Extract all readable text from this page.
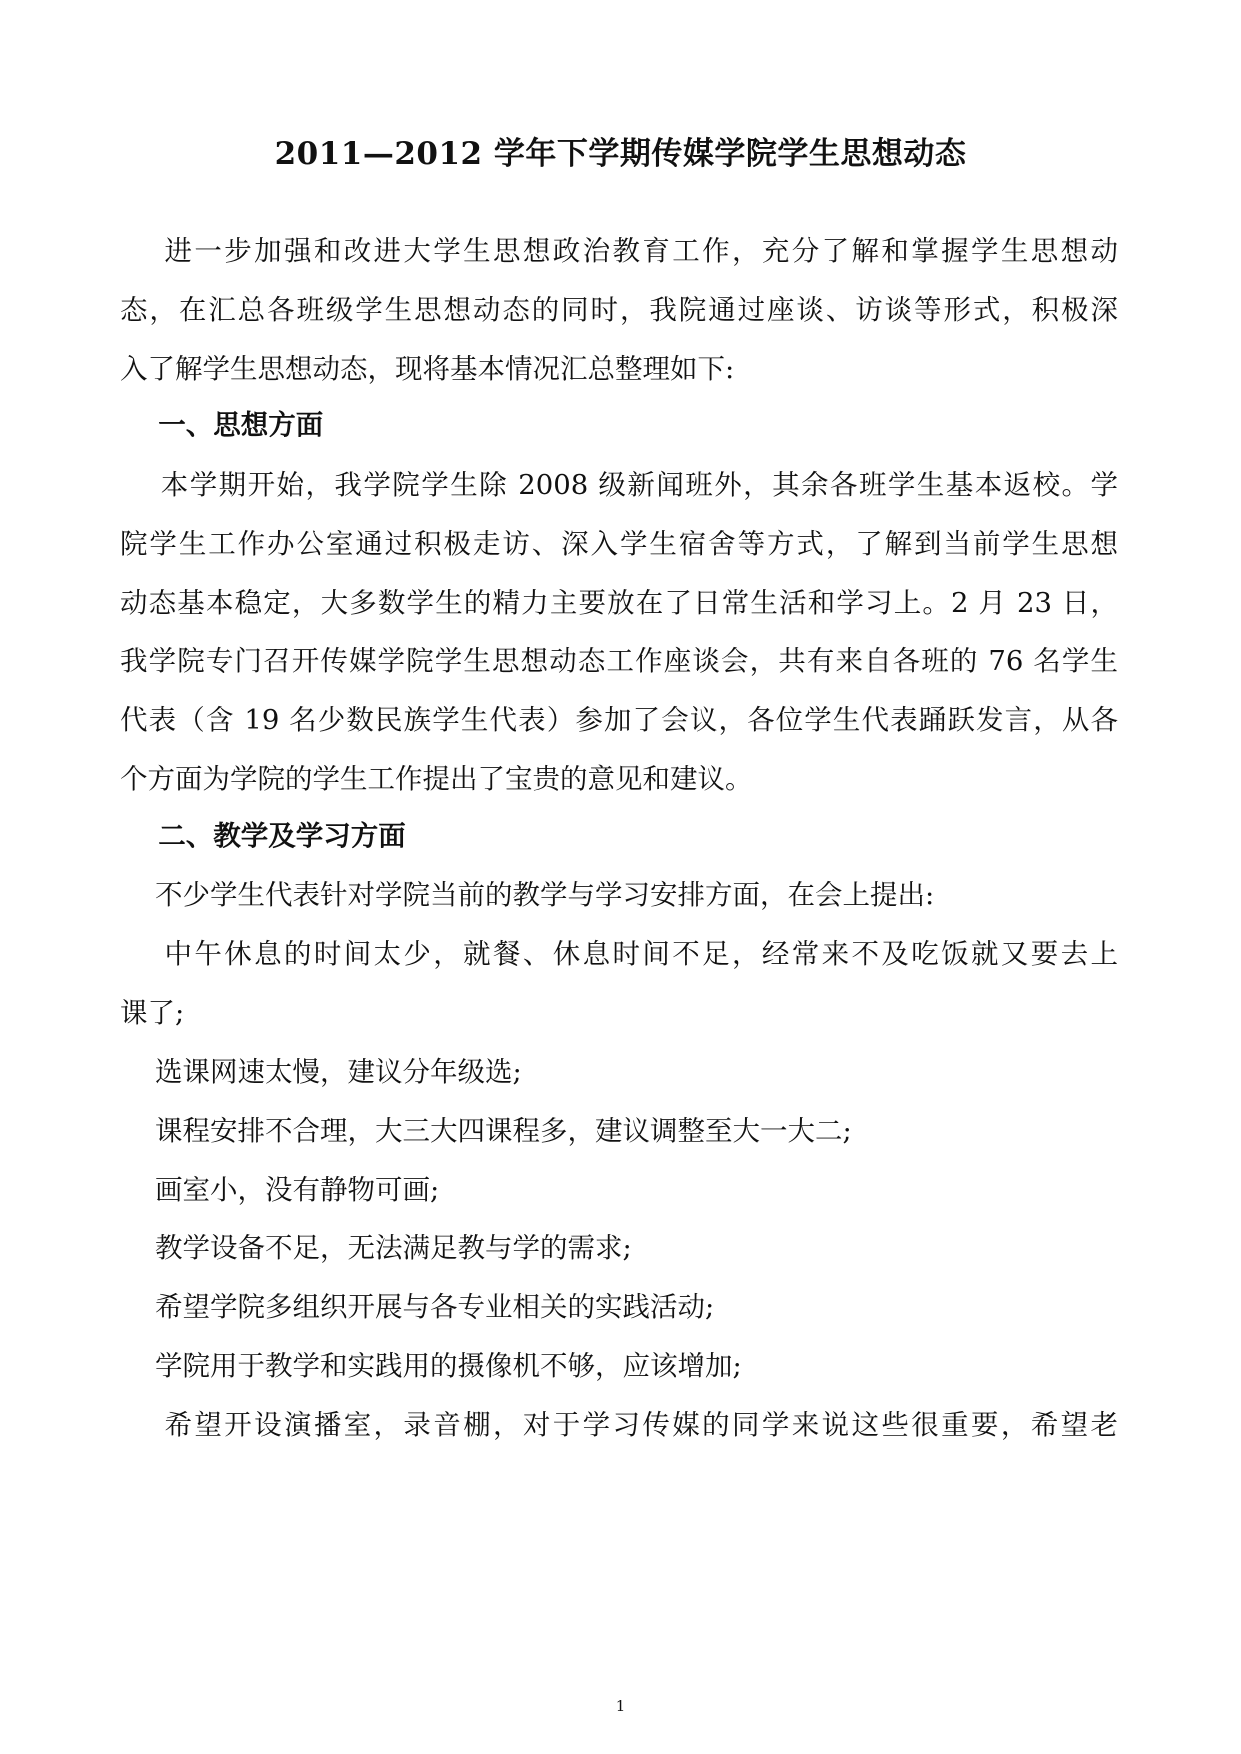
2011—2012 学年下学期传媒学院学生思想动态
进一步加强和改进大学生思想政治教育工作，充分了解和掌握学生思想动
态，在汇总各班级学生思想动态的同时，我院通过座谈、访谈等形式，积极深
入了解学生思想动态，现将基本情况汇总整理如下:
一、思想方面
本学期开始，我学院学生除 2008 级新闻班外，其余各班学生基本返校。学
院学生工作办公室通过积极走访、深入学生宿舍等方式，了解到当前学生思想
动态基本稳定，大多数学生的精力主要放在了日常生活和学习上。2 月 23 日，
我学院专门召开传媒学院学生思想动态工作座谈会，共有来自各班的 76 名学生
代表（含 19 名少数民族学生代表）参加了会议，各位学生代表踊跃发言，从各
个方面为学院的学生工作提出了宝贵的意见和建议。
二、教学及学习方面
不少学生代表针对学院当前的教学与学习安排方面，在会上提出:
中午休息的时间太少，就餐、休息时间不足，经常来不及吃饭就又要去上
课了;
选课网速太慢，建议分年级选;
课程安排不合理，大三大四课程多，建议调整至大一大二;
画室小，没有静物可画;
教学设备不足，无法满足教与学的需求;
希望学院多组织开展与各专业相关的实践活动;
学院用于教学和实践用的摄像机不够，应该增加;
希望开设演播室，录音棚，对于学习传媒的同学来说这些很重要，希望老
1
